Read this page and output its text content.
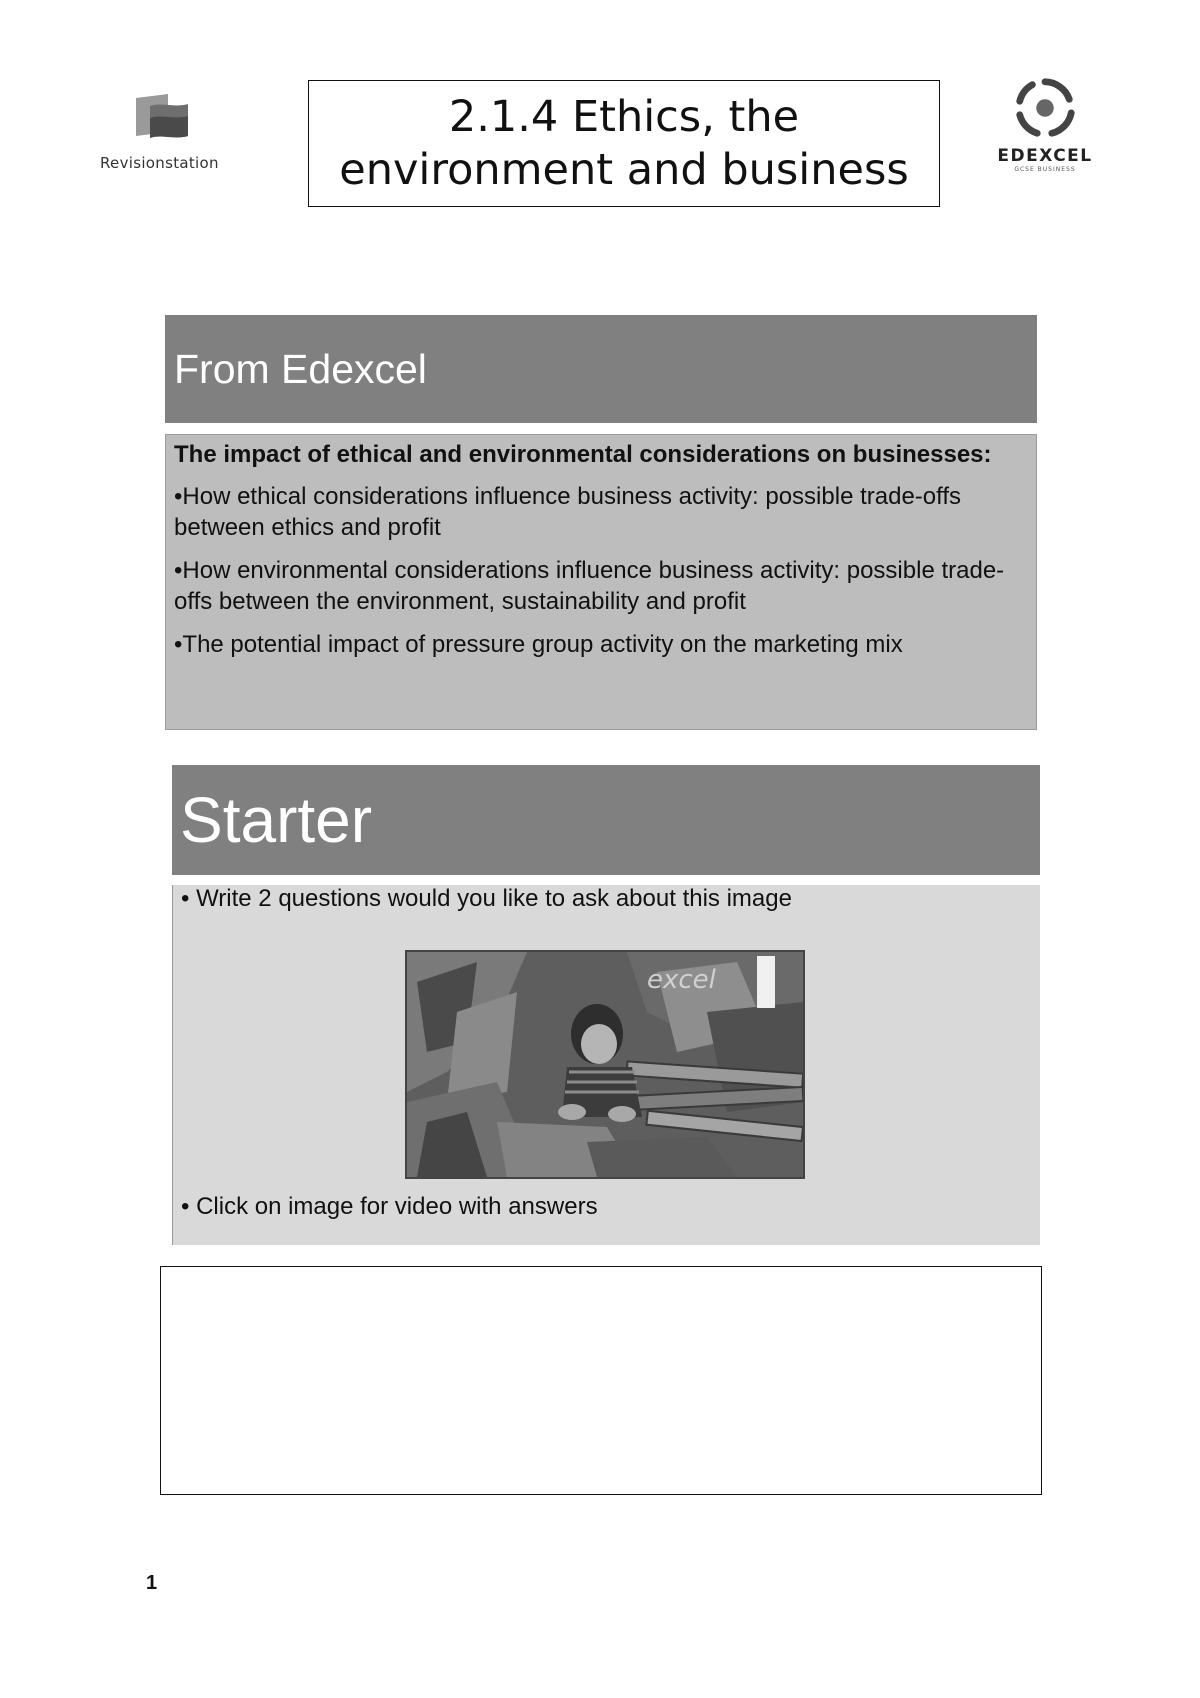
Revisionstation
2.1.4 Ethics, the
environment and business	EDEXCEL
GCSE BUSINESS
From Edexcel
The impact of ethical and environmental considerations on businesses:
•How ethical considerations influence business activity: possible trade-offs between ethics and profit
•How environmental considerations influence business activity: possible trade-offs between the environment, sustainability and profit
•The potential impact of pressure group activity on the marketing mix
Starter
• Write 2 questions would you like to ask about this image
• Click on image for video with answers
excel
1
